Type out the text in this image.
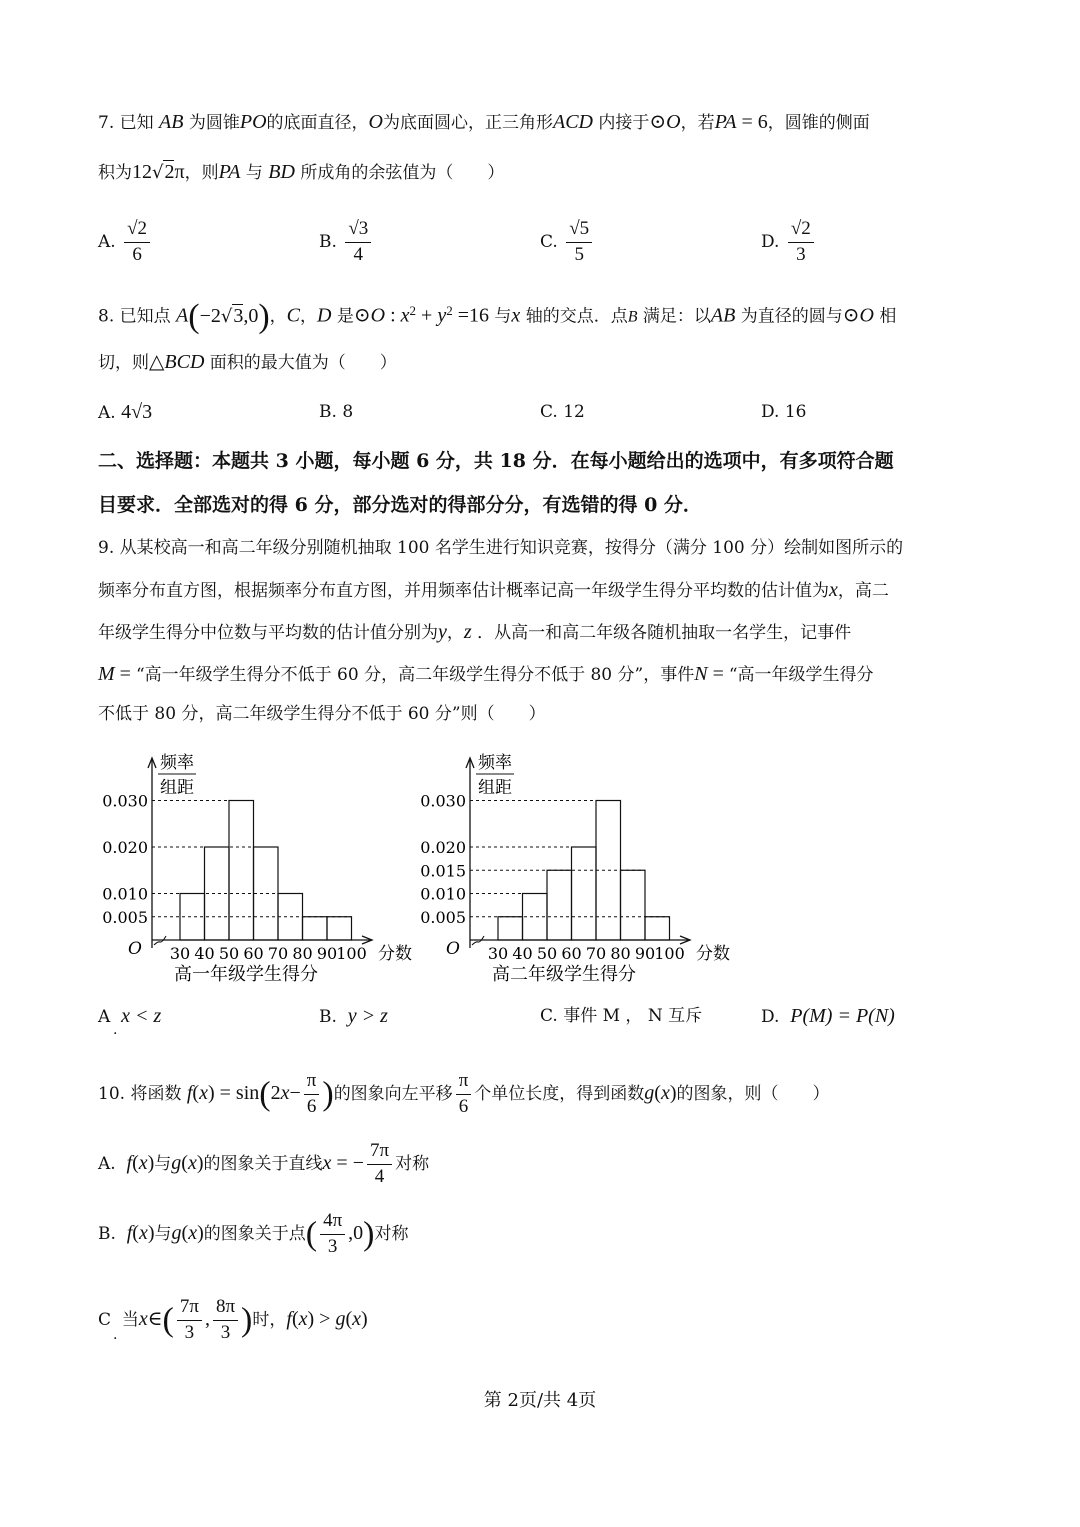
7. 已知 AB 为圆锥PO的底面直径，O为底面圆心，正三角形ACD 内接于⊙O，若PA = 6，圆锥的侧面
积为12√2π，则PA 与 BD 所成角的余弦值为（　　）
A. $\frac{√2}{6}$	B. $\frac{√3}{4}$	C. $\frac{√5}{5}$	D. $\frac{√2}{3}$
8. 已知点 A(−2√3,0)，C，D 是⊙O : $x^2 + y^2 =16$ 与x 轴的交点．点B 满足：以AB 为直径的圆与⊙O 相
切，则△BCD 面积的最大值为（　　）
A. 4√3	B. 8	C. 12	D. 16
二、选择题：本题共 3 小题，每小题 6 分，共 18 分．在每小题给出的选项中，有多项符合题
目要求．全部选对的得 6 分，部分选对的得部分分，有选错的得 0 分．
9. 从某校高一和高二年级分别随机抽取 100 名学生进行知识竞赛，按得分（满分 100 分）绘制如图所示的
频率分布直方图，根据频率分布直方图，并用频率估计概率记高一年级学生得分平均数的估计值为x，高二
年级学生得分中位数与平均数的估计值分别为y，z ．从高一和高二年级各随机抽取一名学生，记事件
M = “高一年级学生得分不低于 60 分，高二年级学生得分不低于 80 分”，事件N = “高一年级学生得分
不低于 80 分，高二年级学生得分不低于 60 分”则（　　）
频率
组距
0.030
0.020
0.010
0.005
30 40 50 60 70 80 90 100 分数
O
高一年级学生得分
频率
组距
0.030
0.020
0.015
0.010
0.005
30 40 50 60 70 80 90 100 分数
O
高二年级学生得分
A x < z
.
B. y > z	C. 事件 M ， N 互斥	D. P(M) = P(N)
10. 将函数 $f(x) = \sin(2x- \frac{\pi}{6}$ )的图象向左平移 $\frac{\pi}{6}$ 个单位长度，得到函数g(x)的图象，则（　　）
A. f(x)与g(x)的图象关于直线x = − $\frac{7\pi}{4}$ 对称
B. f(x)与g(x)的图象关于点( $\frac{4\pi}{3} ,0$)对称
C 当x∈( $\frac{7\pi}{3}$ , $\frac{8\pi}{3}$ )时，f(x) > g(x)
.
第 2页/共 4页
